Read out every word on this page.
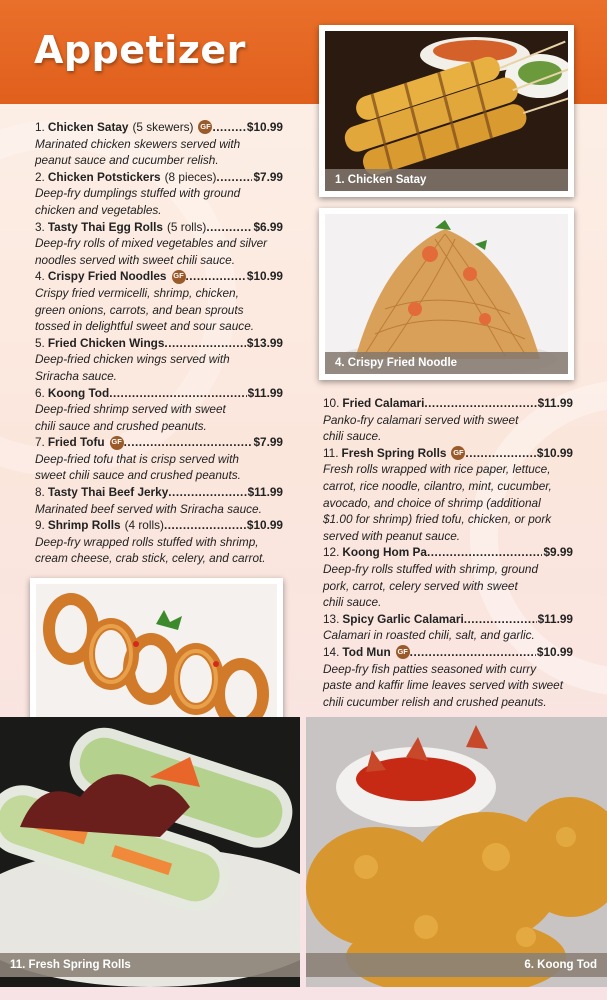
Appetizer
1. Chicken Satay (5 skewers) GF .....	$10.99
Marinated chicken skewers served with
peanut sauce and cucumber relish.
2. Chicken Potstickers (8 pieces) .....	$7.99
Deep-fry dumplings stuffed with ground
chicken and vegetables.
3. Tasty Thai Egg Rolls (5 rolls) .....	$6.99
Deep-fry rolls of mixed vegetables and silver
noodles served with sweet chili sauce.
4. Crispy Fried Noodles GF .....	$10.99
Crispy fried vermicelli, shrimp, chicken,
green onions, carrots, and bean sprouts
tossed in delightful sweet and sour sauce.
5. Fried Chicken Wings .....	$13.99
Deep-fried chicken wings served with
Sriracha sauce.
6. Koong Tod .....	$11.99
Deep-fried shrimp served with sweet
chili sauce and crushed peanuts.
7. Fried Tofu GF .....	$7.99
Deep-fried tofu that is crisp served with
sweet chili sauce and crushed peanuts.
8. Tasty Thai Beef Jerky .....	$11.99
Marinated beef served with Sriracha sauce.
9. Shrimp Rolls (4 rolls) .....	$10.99
Deep-fry wrapped rolls stuffed with shrimp,
cream cheese, crab stick, celery, and carrot.
10. Fried Calamari .....	$11.99
Panko-fry calamari served with sweet
chili sauce.
11. Fresh Spring Rolls GF .....	$10.99
Fresh rolls wrapped with rice paper, lettuce,
carrot, rice noodle, cilantro, mint, cucumber,
avocado, and choice of shrimp (additional
$1.00 for shrimp) fried tofu, chicken, or pork
served with peanut sauce.
12. Koong Hom Pa .....	$9.99
Deep-fry rolls stuffed with shrimp, ground
pork, carrot, celery served with sweet
chili sauce.
13. Spicy Garlic Calamari .....	$11.99
Calamari in roasted chili, salt, and garlic.
14. Tod Mun GF .....	$10.99
Deep-fry fish patties seasoned with curry
paste and kaffir lime leaves served with sweet
chili cucumber relish and crushed peanuts.
1. Chicken Satay
4. Crispy Fried Noodle
11. Fresh Spring Rolls	6. Koong Tod
